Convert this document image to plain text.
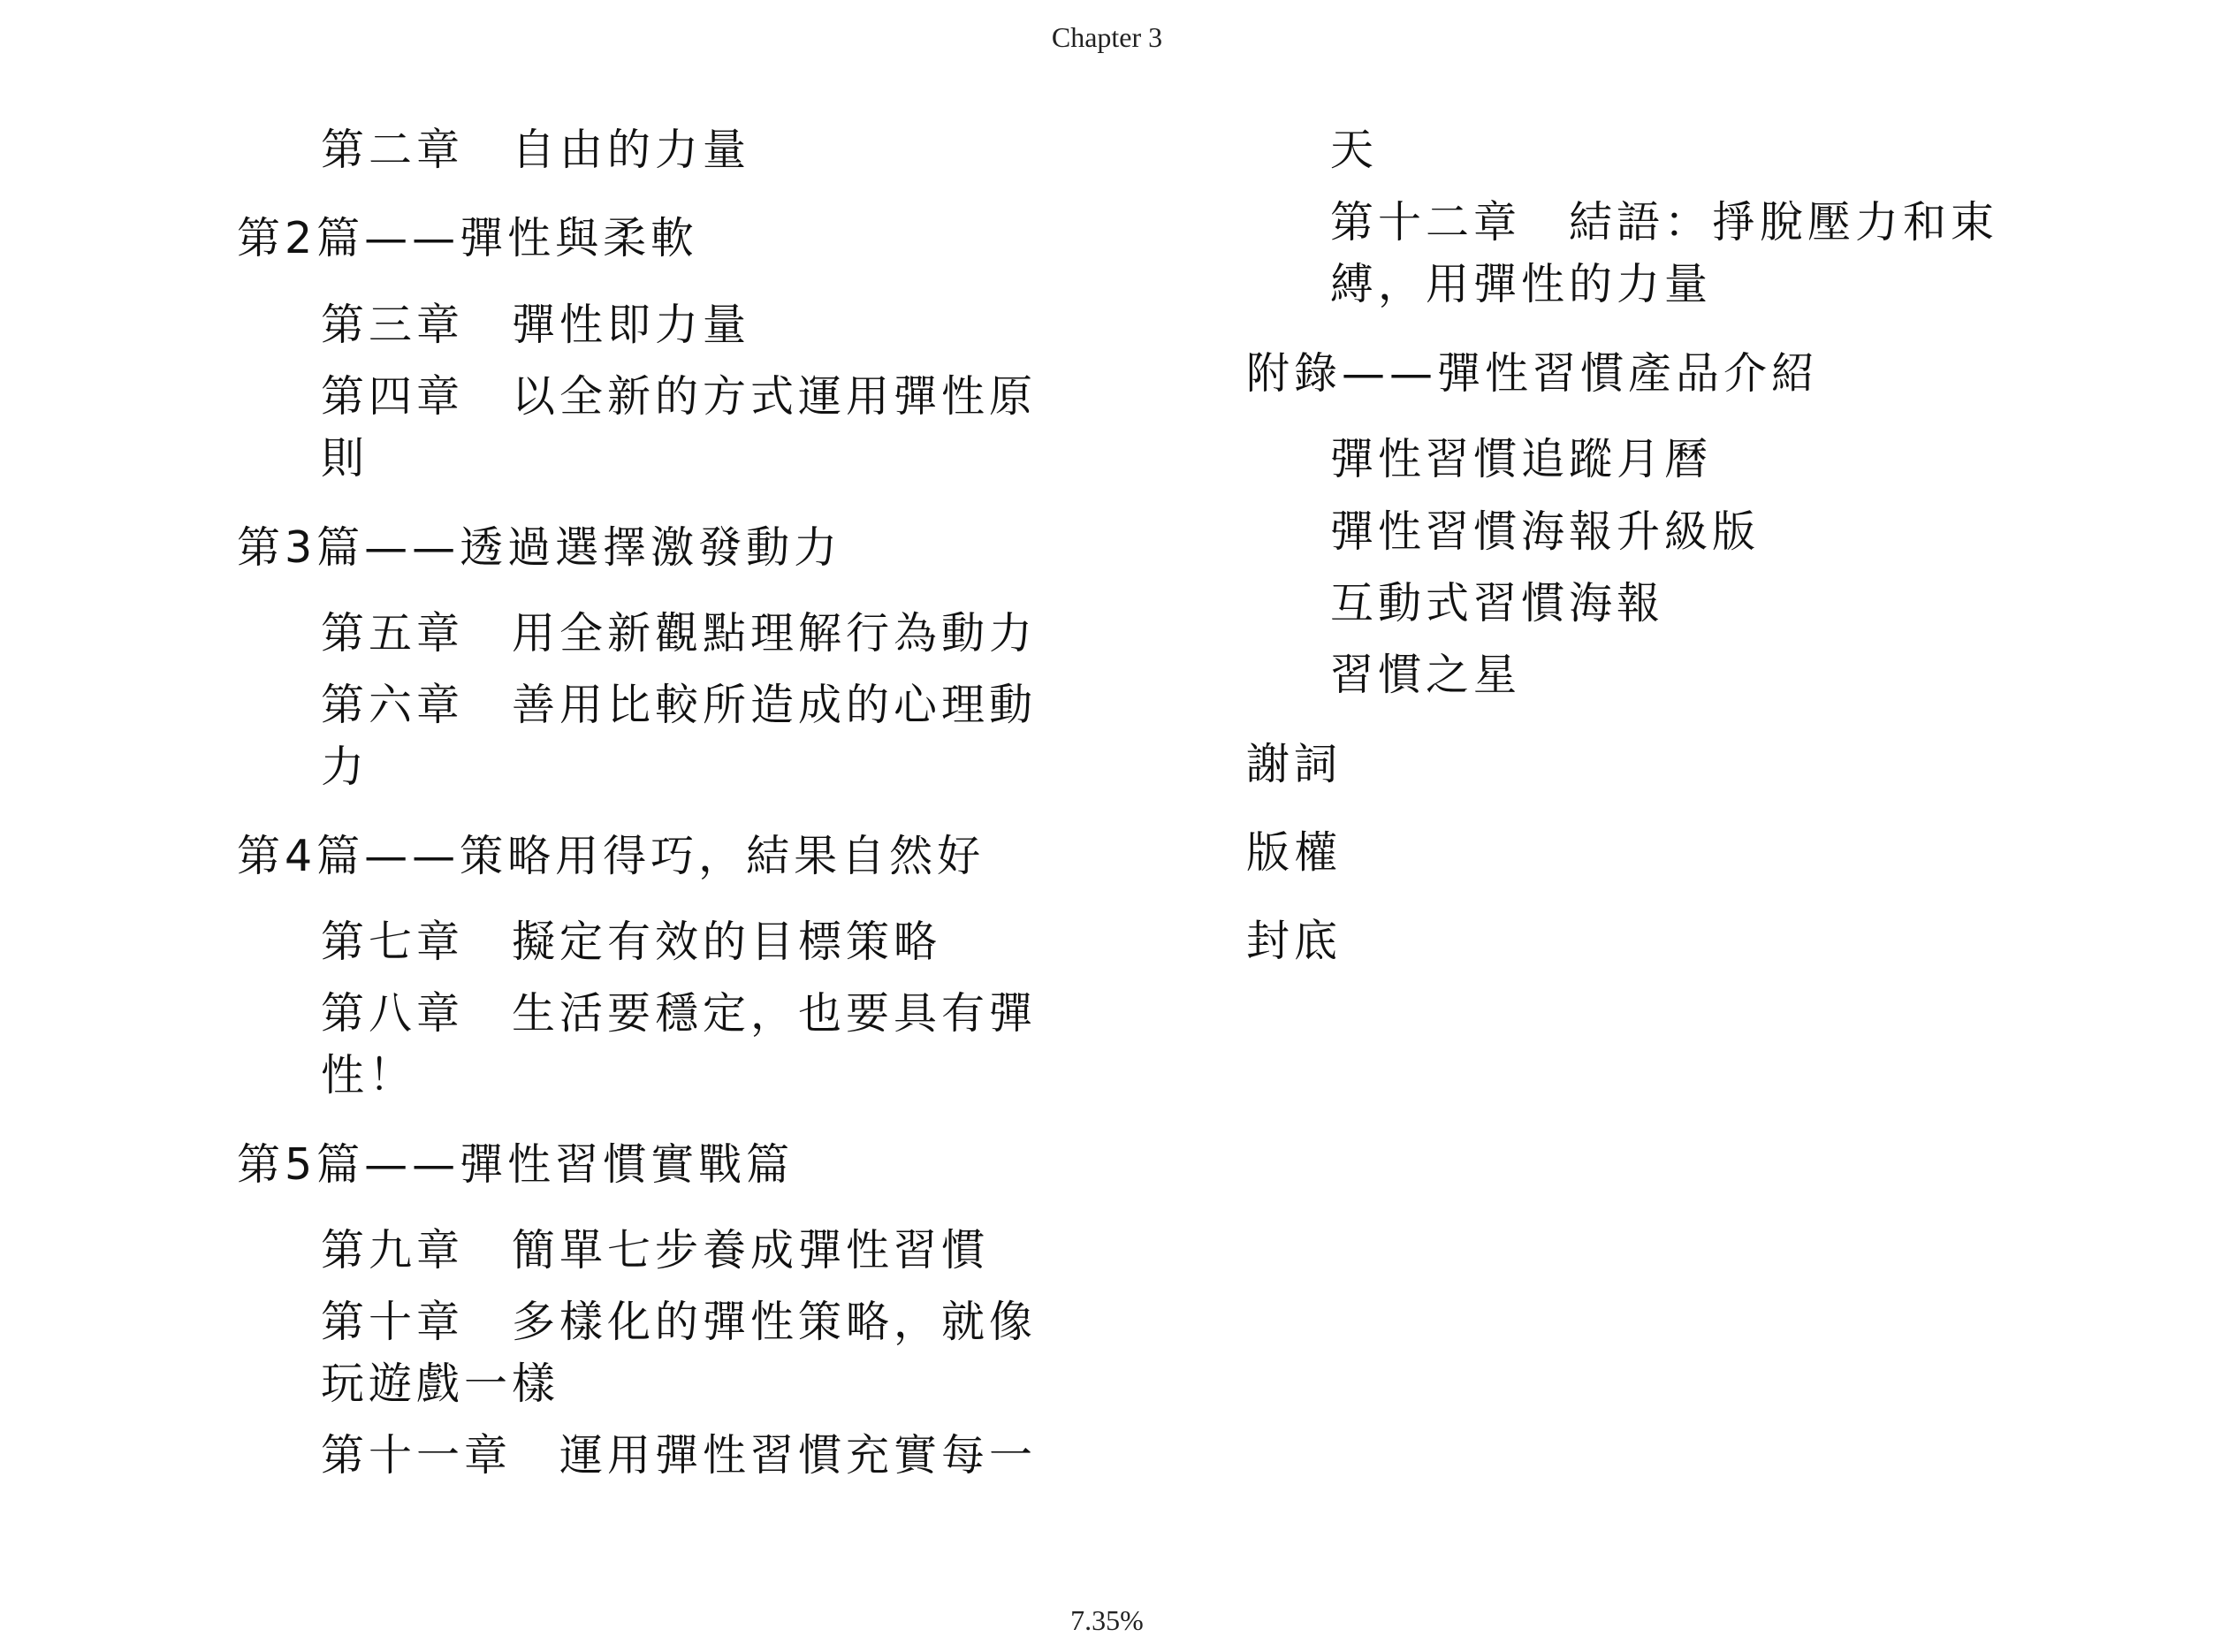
Chapter 3
第二章　自由的力量
第2篇——彈性與柔軟
第三章　彈性即力量
第四章　以全新的方式運用彈性原
則
第3篇——透過選擇激發動力
第五章　用全新觀點理解行為動力
第六章　善用比較所造成的心理動
力
第4篇——策略用得巧，結果自然好
第七章　擬定有效的目標策略
第八章　生活要穩定，也要具有彈
性！
第5篇——彈性習慣實戰篇
第九章　簡單七步養成彈性習慣
第十章　多樣化的彈性策略，就像
玩遊戲一樣
第十一章　運用彈性習慣充實每一
天
第十二章　結語：掙脫壓力和束
縛，用彈性的力量
附錄——彈性習慣產品介紹
彈性習慣追蹤月曆
彈性習慣海報升級版
互動式習慣海報
習慣之星
謝詞
版權
封底
7.35%
